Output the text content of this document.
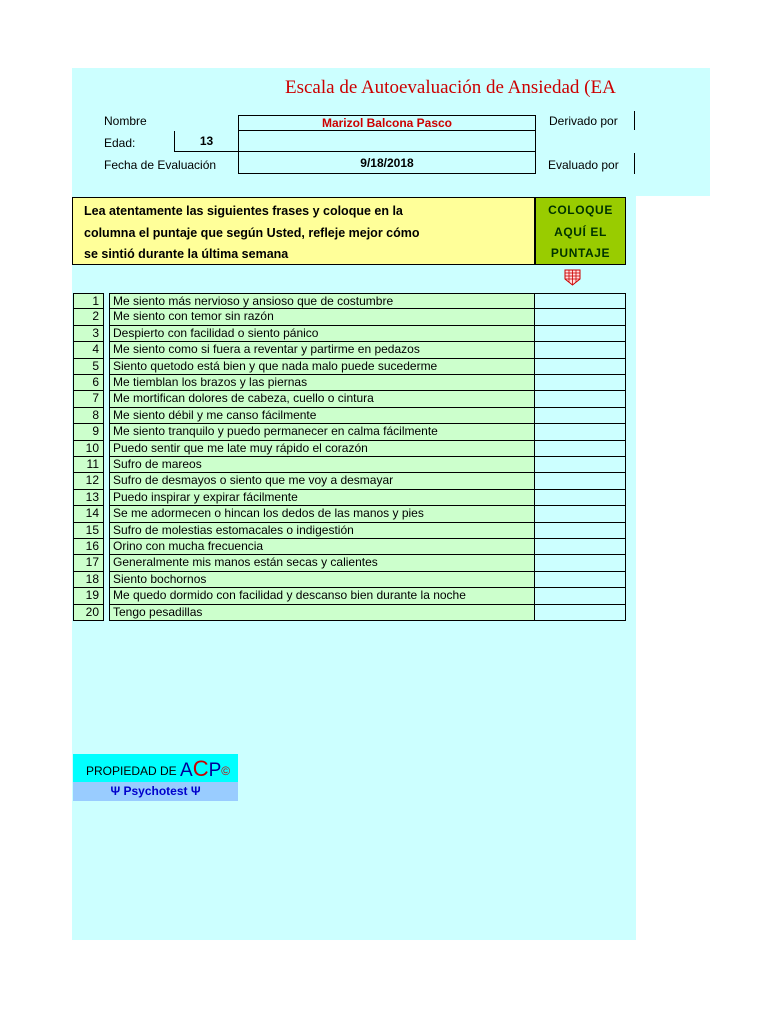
Escala de Autoevaluación de Ansiedad (EA
Nombre	Marizol Balcona Pasco	Derivado por
Edad:	13
Fecha de Evaluación	9/18/2018	Evaluado por
Lea atentamente las siguientes frases y coloque en la
columna el puntaje que según Usted, refleje mejor cómo
se sintió durante la última semana
COLOQUE
AQUÍ EL
PUNTAJE
1	Me siento más nervioso y ansioso que de costumbre
2	Me siento con temor sin razón
3	Despierto con facilidad o siento pánico
4	Me siento como si fuera a reventar y partirme en pedazos
5	Siento quetodo está bien y que nada malo puede sucederme
6	Me tiemblan los brazos y las piernas
7	Me mortifican dolores de cabeza, cuello o cintura
8	Me siento débil y me canso fácilmente
9	Me siento tranquilo y puedo permanecer en calma fácilmente
10	Puedo sentir que me late muy rápido el corazón
11	Sufro de mareos
12	Sufro de desmayos o siento que me voy a desmayar
13	Puedo inspirar y expirar fácilmente
14	Se me adormecen o hincan los dedos de las manos y pies
15	Sufro de molestias estomacales o indigestión
16	Orino con mucha frecuencia
17	Generalmente mis manos están secas y calientes
18	Siento bochornos
19	Me quedo dormido con facilidad y descanso bien durante la noche
20	Tengo pesadillas
PROPIEDAD DE ACP©
Ψ Psychotest Ψ
